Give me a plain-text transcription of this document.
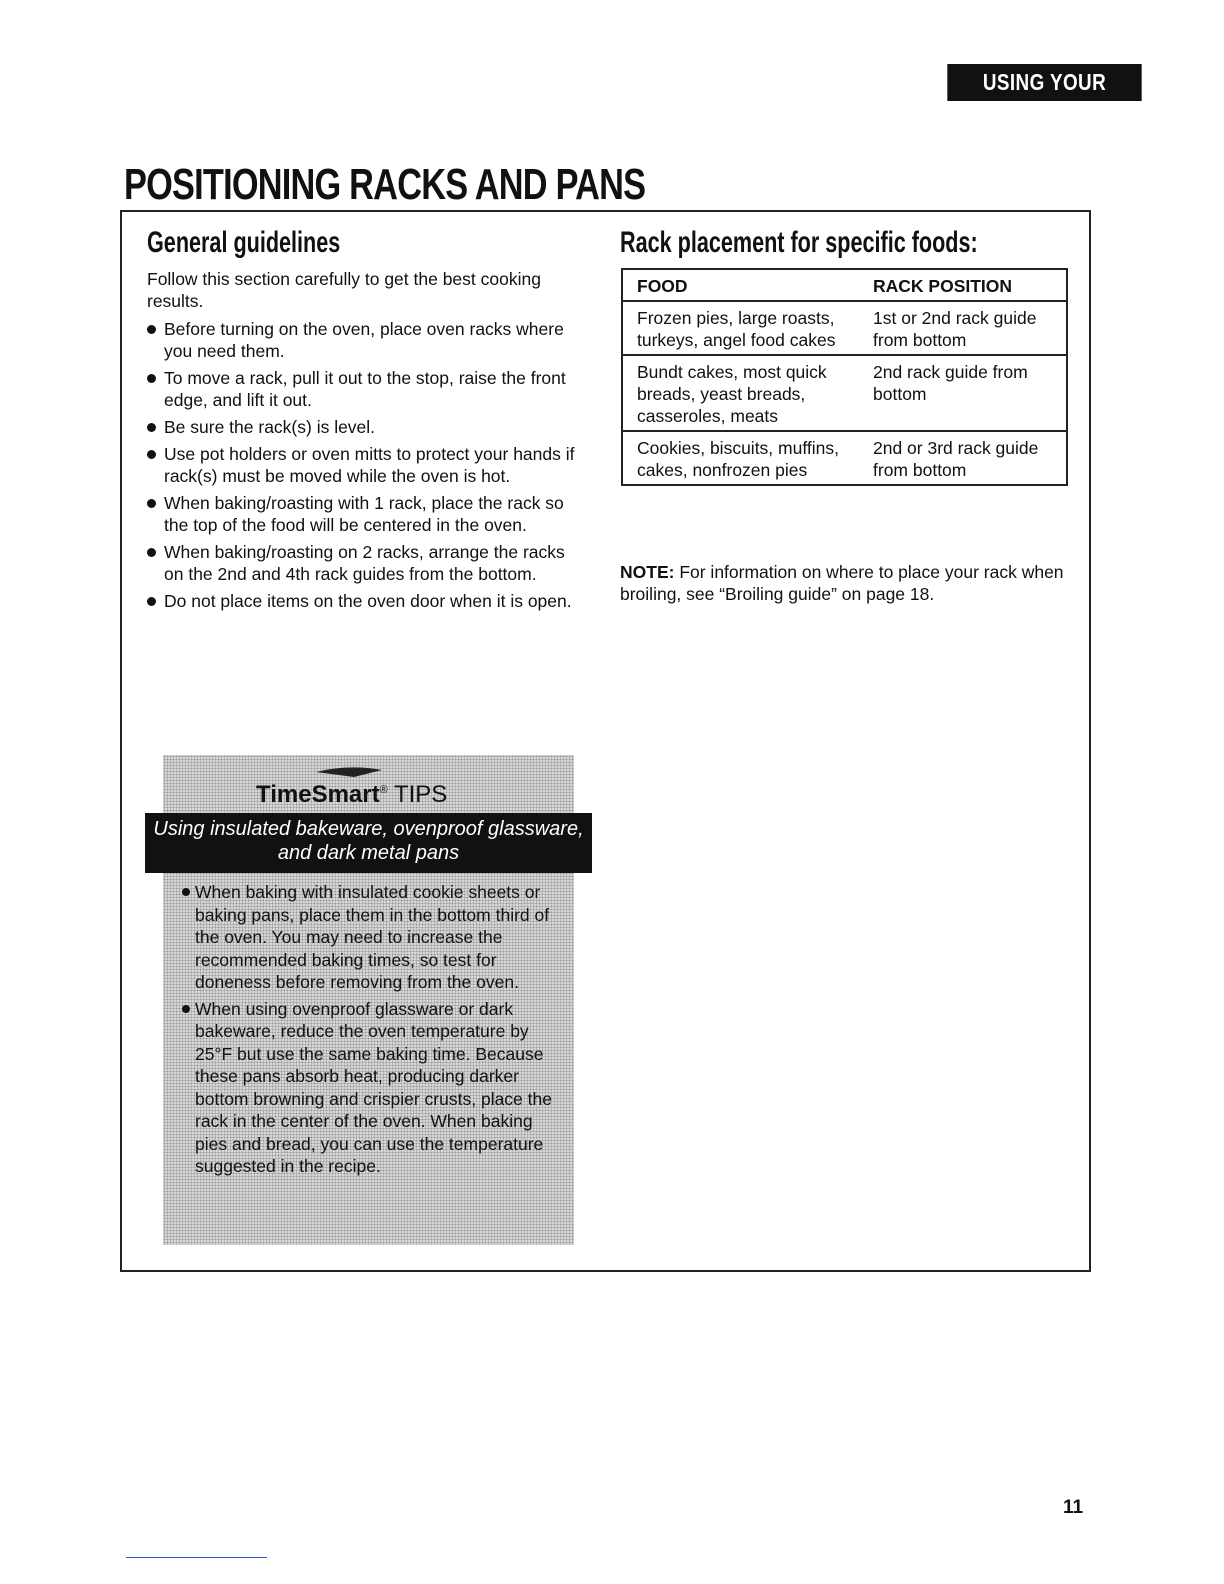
USING YOUR RANGE
POSITIONING RACKS AND PANS
General guidelines

Follow this section carefully to get the best cooking results.

Before turning on the oven, place oven racks where you need them.
To move a rack, pull it out to the stop, raise the front edge, and lift it out.
Be sure the rack(s) is level.
Use pot holders or oven mitts to protect your hands if rack(s) must be moved while the oven is hot.
When baking/roasting with 1 rack, place the rack so the top of the food will be centered in the oven.
When baking/roasting on 2 racks, arrange the racks on the 2nd and 4th rack guides from the bottom.
Do not place items on the oven door when it is open.
Rack placement for specific foods:
FOOD	RACK POSITION
Frozen pies, large roasts, turkeys, angel food cakes	1st or 2nd rack guide from bottom
Bundt cakes, most quick breads, yeast breads, casseroles, meats	2nd rack guide from bottom
Cookies, biscuits, muffins, cakes, nonfrozen pies	2nd or 3rd rack guide from bottom

NOTE: For information on where to place your rack when broiling, see “Broiling guide” on page 18.

TimeSmart® TIPS
Using insulated bakeware, ovenproof glassware, and dark metal pans
When baking with insulated cookie sheets or baking pans, place them in the bottom third of the oven. You may need to increase the recommended baking times, so test for doneness before removing from the oven.
When using ovenproof glassware or dark bakeware, reduce the oven temperature by 25°F but use the same baking time. Because these pans absorb heat, producing darker bottom browning and crispier crusts, place the rack in the center of the oven. When baking pies and bread, you can use the temperature suggested in the recipe.
11
